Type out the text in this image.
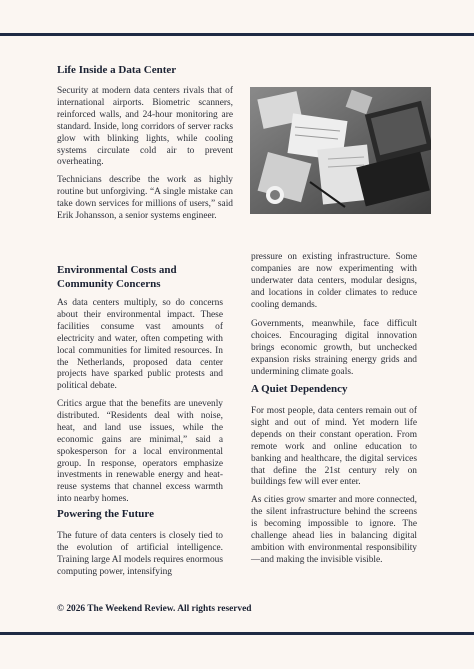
Life Inside a Data Center

Security at modern data centers rivals that of international airports. Biometric scanners, reinforced walls, and 24-hour monitoring are standard. Inside, long corridors of server racks glow with blinking lights, while cooling systems circulate cold air to prevent overheating.

Technicians describe the work as highly routine but unforgiving. “A single mistake can take down services for millions of users,” said Erik Johansson, a senior systems engineer.

Environmental Costs and
Community Concerns

As data centers multiply, so do concerns about their environmental impact. These facilities consume vast amounts of electricity and water, often competing with local communities for limited resources. In the Netherlands, proposed data center projects have sparked public protests and political debate.

Critics argue that the benefits are unevenly distributed. “Residents deal with noise, heat, and land use issues, while the economic gains are minimal,” said a spokesperson for a local environmental group. In response, operators emphasize investments in renewable energy and heat-reuse systems that channel excess warmth into nearby homes.

Powering the Future

The future of data centers is closely tied to the evolution of artificial intelligence. Training large AI models requires enormous computing power, intensifying

pressure on existing infrastructure. Some companies are now experimenting with underwater data centers, modular designs, and locations in colder climates to reduce cooling demands.

Governments, meanwhile, face difficult choices. Encouraging digital innovation brings economic growth, but unchecked expansion risks straining energy grids and undermining climate goals.

A Quiet Dependency

For most people, data centers remain out of sight and out of mind. Yet modern life depends on their constant operation. From remote work and online education to banking and healthcare, the digital services that define the 21st century rely on buildings few will ever enter.

As cities grow smarter and more connected, the silent infrastructure behind the screens is becoming impossible to ignore. The challenge ahead lies in balancing digital ambition with environmental responsibility—and making the invisible visible.

© 2026 The Weekend Review. All rights reserved
